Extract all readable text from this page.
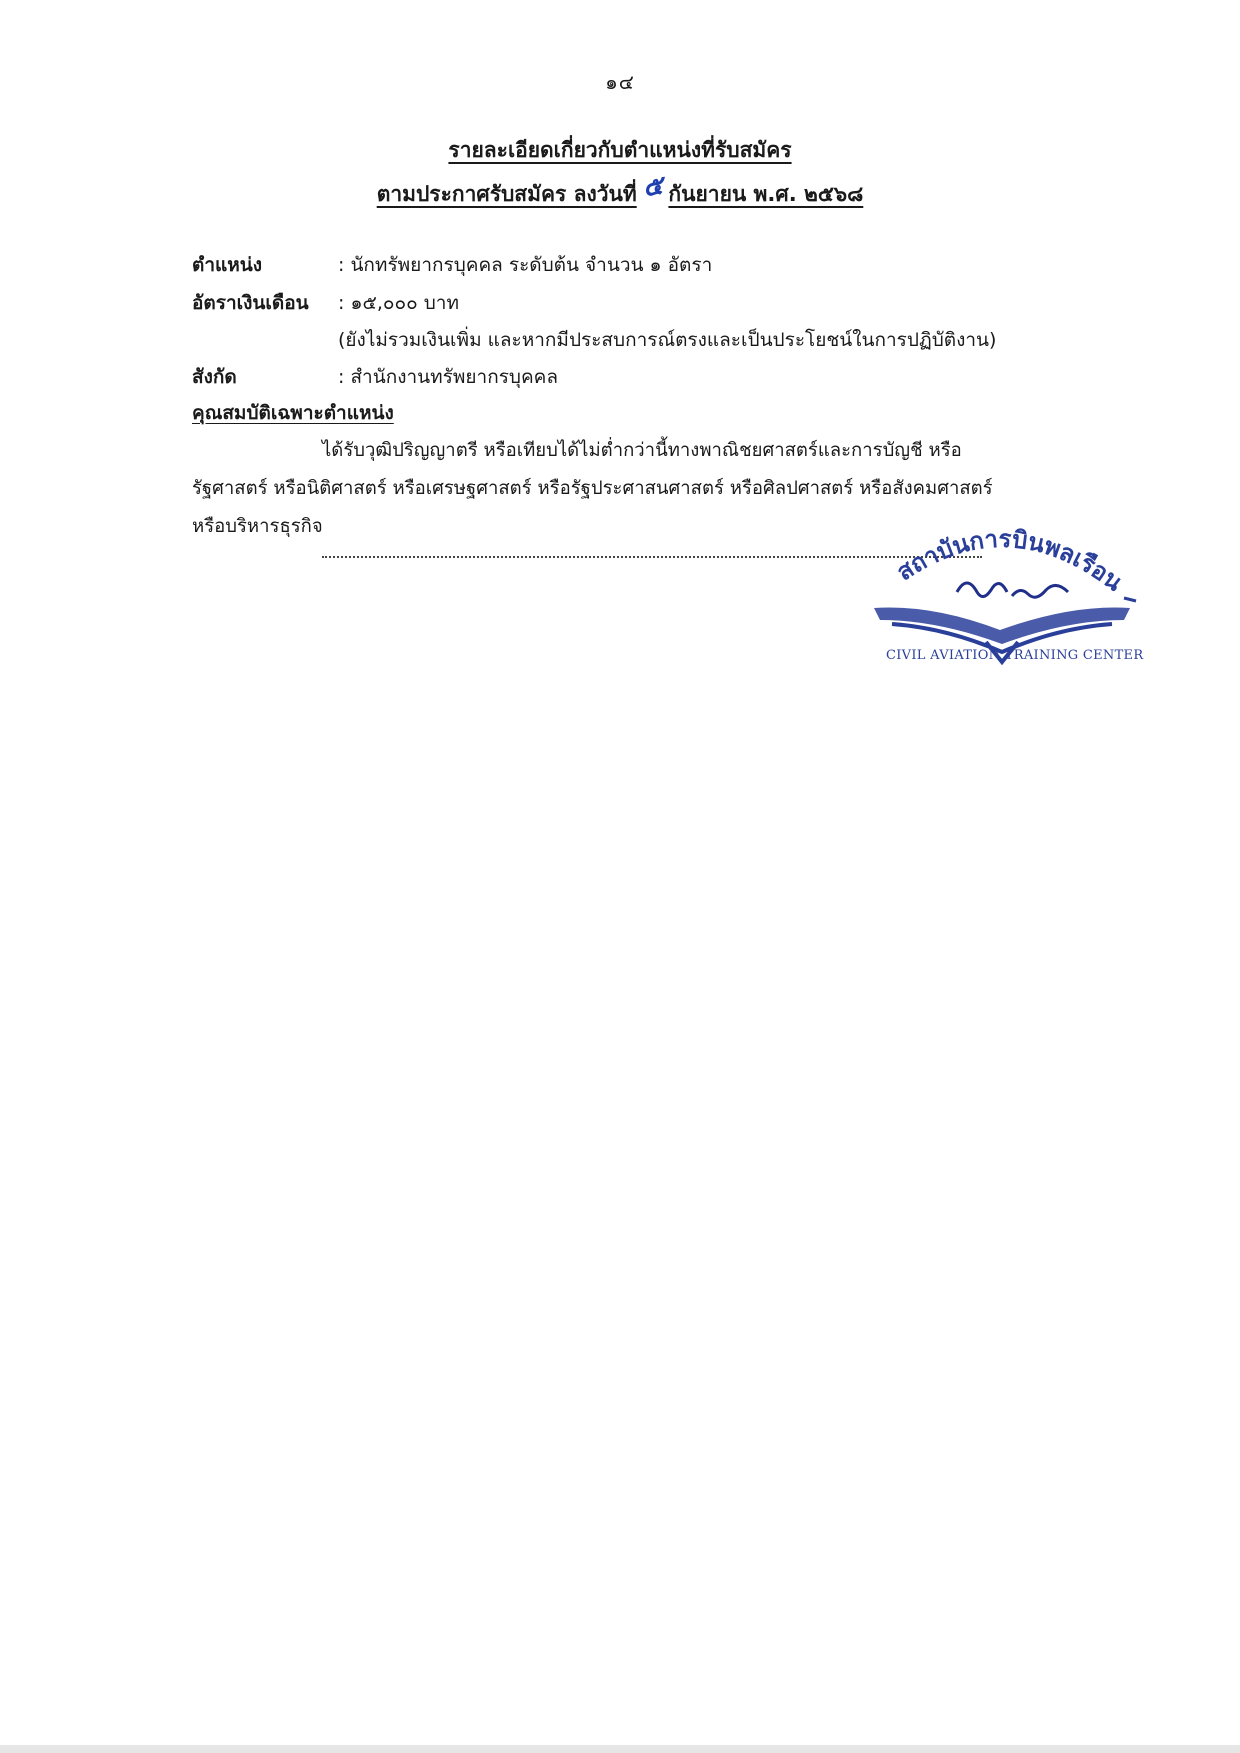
๑๔
รายละเอียดเกี่ยวกับตำแหน่งที่รับสมัคร
ตามประกาศรับสมัคร ลงวันที่ ๕ กันยายน พ.ศ. ๒๕๖๘
ตำแหน่ง	: นักทรัพยากรบุคคล ระดับต้น จำนวน ๑ อัตรา
อัตราเงินเดือน : ๑๕,๐๐๐ บาท
(ยังไม่รวมเงินเพิ่ม และหากมีประสบการณ์ตรงและเป็นประโยชน์ในการปฏิบัติงาน)
สังกัด	: สำนักงานทรัพยากรบุคคล
คุณสมบัติเฉพาะตำแหน่ง
ได้รับวุฒิปริญญาตรี หรือเทียบได้ไม่ต่ำกว่านี้ทางพาณิชยศาสตร์และการบัญชี หรือ
รัฐศาสตร์ หรือนิติศาสตร์ หรือเศรษฐศาสตร์ หรือรัฐประศาสนศาสตร์ หรือศิลปศาสตร์ หรือสังคมศาสตร์
หรือบริหารธุรกิจ
สถาบันการบินพลเรือน
CIVIL AVIATION TRAINING CENTER
